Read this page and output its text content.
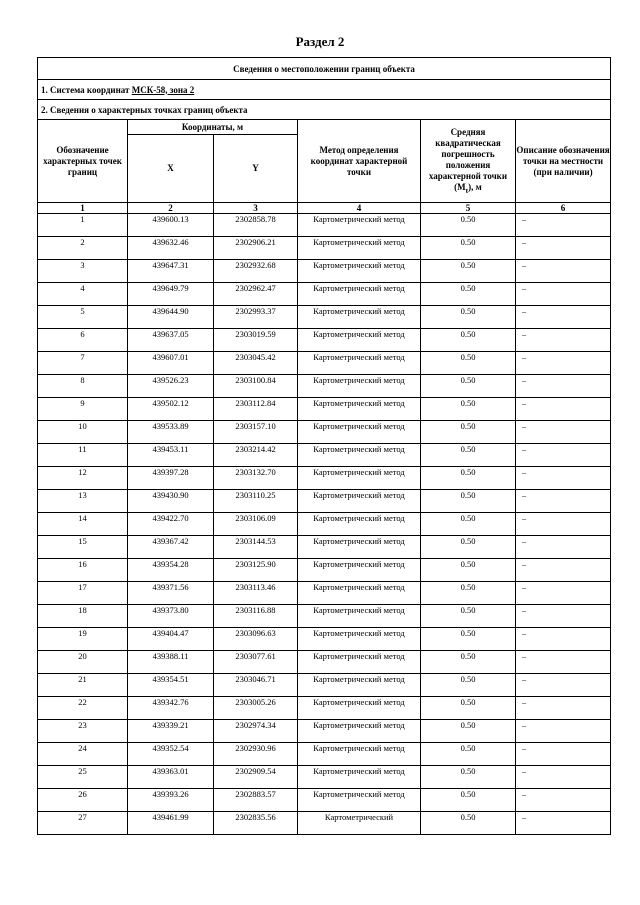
Раздел 2
Сведения о местоположении границ объекта					
1. Система координат МСК-58, зона 2					
2. Сведения о характерных точках границ объекта					
Обозначение характерных точек границ	Координаты, м		Метод определения координат характерной точки	Средняя квадратическая погрешность положения характерной точки $(M_t)$, м	Описание обозначения точки на местности (при наличии)
	X	Y			
1	2	3	4	5	6
1	439600.13	2302858.78	Картометрический метод	0.50	–
2	439632.46	2302906.21	Картометрический метод	0.50	–
3	439647.31	2302932.68	Картометрический метод	0.50	–
4	439649.79	2302962.47	Картометрический метод	0.50	–
5	439644.90	2302993.37	Картометрический метод	0.50	–
6	439637.05	2303019.59	Картометрический метод	0.50	–
7	439607.01	2303045.42	Картометрический метод	0.50	–
8	439526.23	2303100.84	Картометрический метод	0.50	–
9	439502.12	2303112.84	Картометрический метод	0.50	–
10	439533.89	2303157.10	Картометрический метод	0.50	–
11	439453.11	2303214.42	Картометрический метод	0.50	–
12	439397.28	2303132.70	Картометрический метод	0.50	–
13	439430.90	2303110.25	Картометрический метод	0.50	–
14	439422.70	2303106.09	Картометрический метод	0.50	–
15	439367.42	2303144.53	Картометрический метод	0.50	–
16	439354.28	2303125.90	Картометрический метод	0.50	–
17	439371.56	2303113.46	Картометрический метод	0.50	–
18	439373.80	2303116.88	Картометрический метод	0.50	–
19	439404.47	2303096.63	Картометрический метод	0.50	–
20	439388.11	2303077.61	Картометрический метод	0.50	–
21	439354.51	2303046.71	Картометрический метод	0.50	–
22	439342.76	2303005.26	Картометрический метод	0.50	–
23	439339.21	2302974.34	Картометрический метод	0.50	–
24	439352.54	2302930.96	Картометрический метод	0.50	–
25	439363.01	2302909.54	Картометрический метод	0.50	–
26	439393.26	2302883.57	Картометрический метод	0.50	–
27	439461.99	2302835.56	Картометрический	0.50	–
